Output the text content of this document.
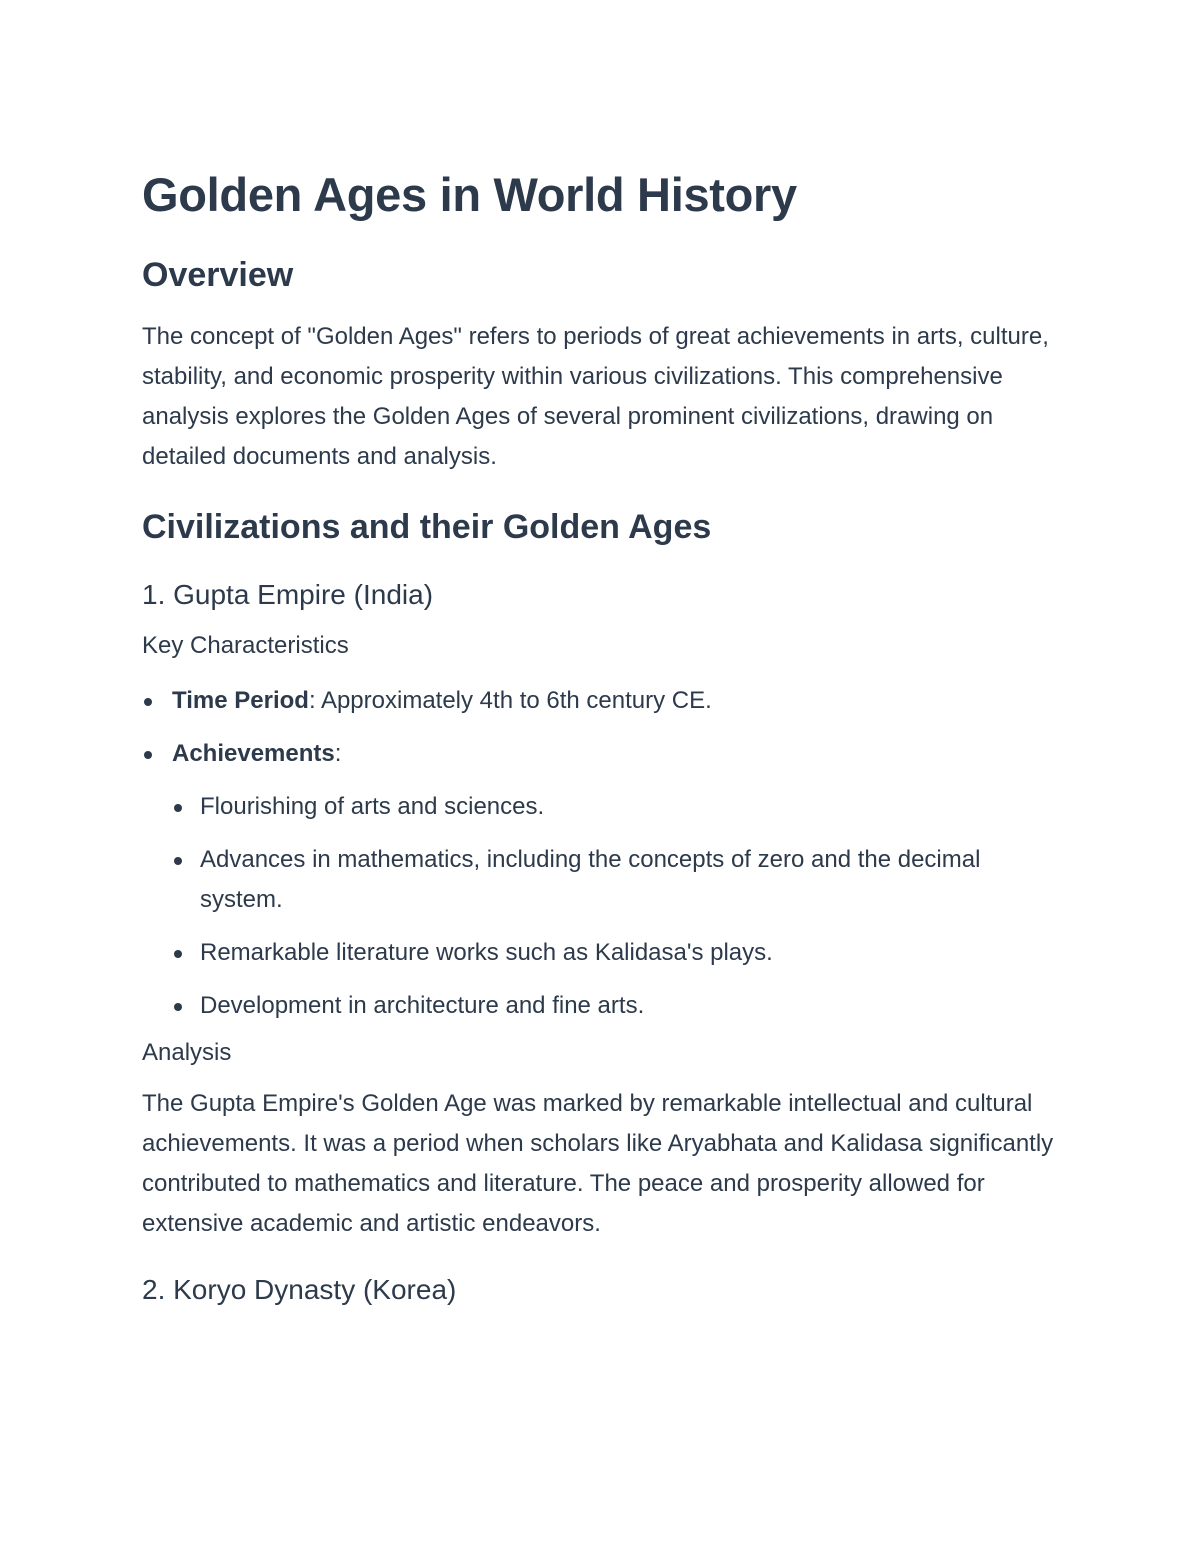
Golden Ages in World History
Overview

The concept of "Golden Ages" refers to periods of great achievements in arts, culture, stability, and economic prosperity within various civilizations. This comprehensive analysis explores the Golden Ages of several prominent civilizations, drawing on detailed documents and analysis.

Civilizations and their Golden Ages
1. Gupta Empire (India)
Key Characteristics
Time Period: Approximately 4th to 6th century CE.
Achievements:
Flourishing of arts and sciences.
Advances in mathematics, including the concepts of zero and the decimal system.
Remarkable literature works such as Kalidasa's plays.
Development in architecture and fine arts.
Analysis

The Gupta Empire's Golden Age was marked by remarkable intellectual and cultural achievements. It was a period when scholars like Aryabhata and Kalidasa significantly contributed to mathematics and literature. The peace and prosperity allowed for extensive academic and artistic endeavors.

2. Koryo Dynasty (Korea)
